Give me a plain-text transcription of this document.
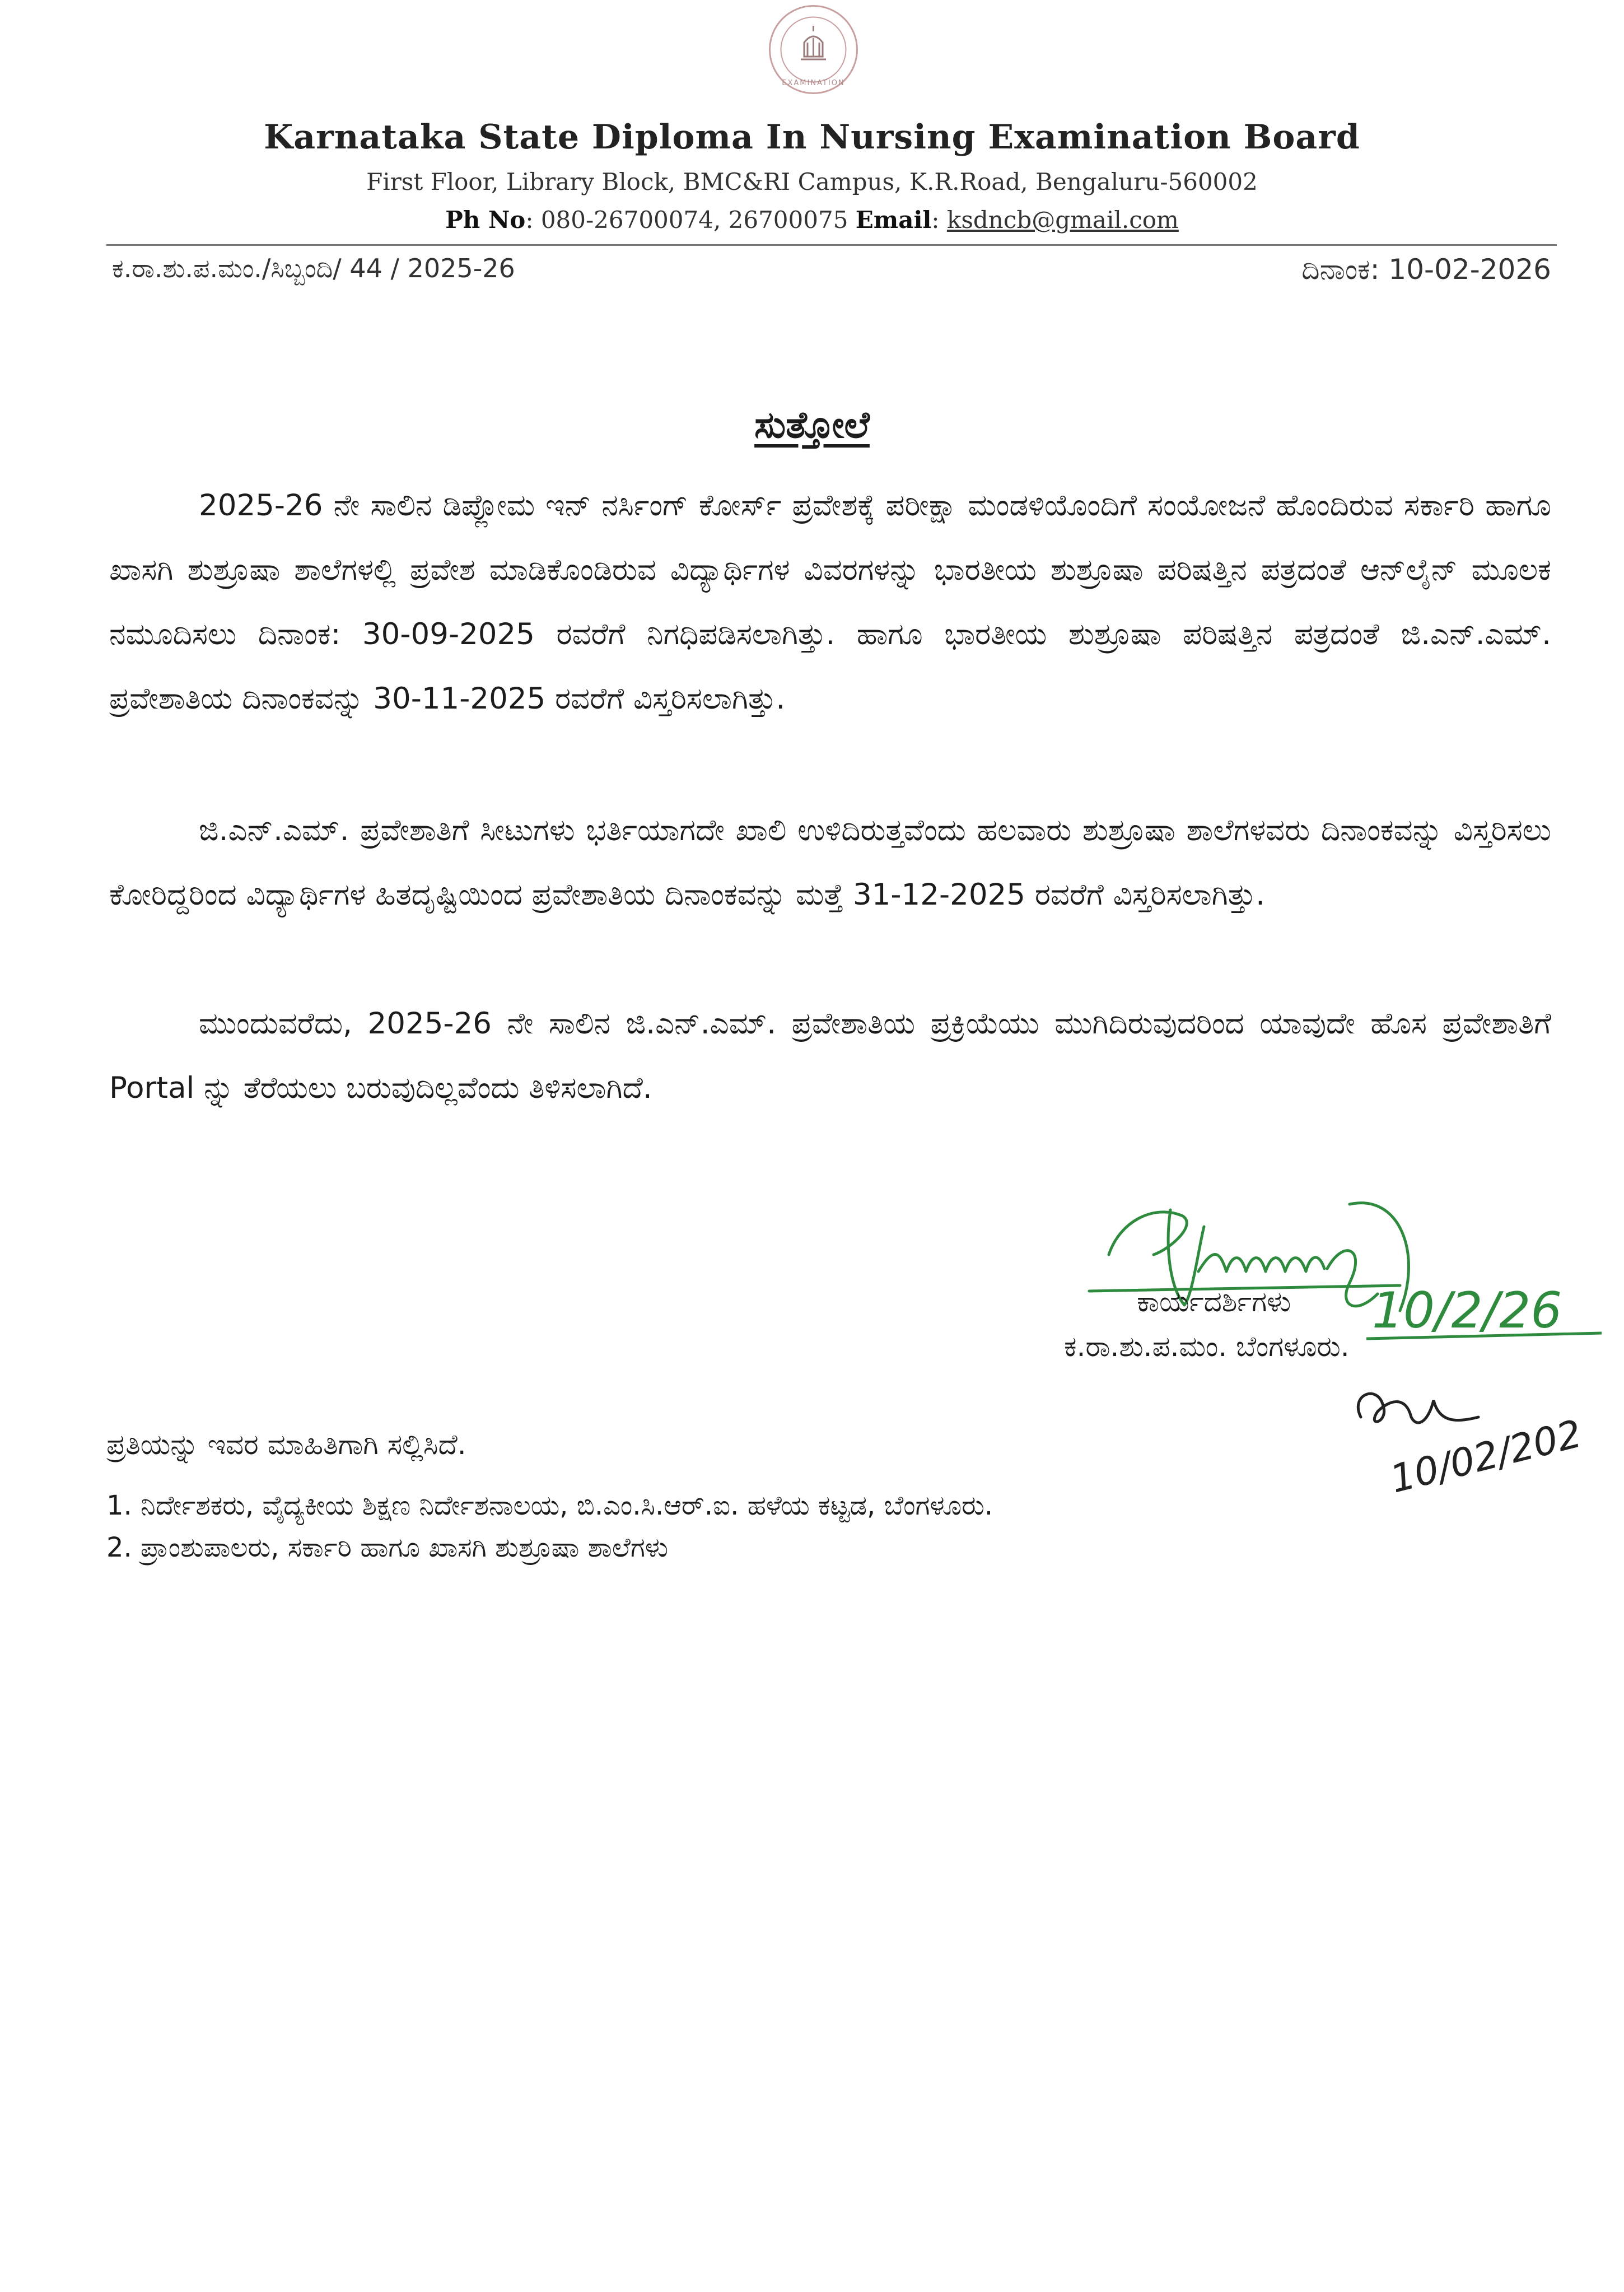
EXAMINATION
Karnataka State Diploma In Nursing Examination Board
First Floor, Library Block, BMC&RI Campus, K.R.Road, Bengaluru-560002
Ph No: 080-26700074, 26700075 Email: ksdncb@gmail.com
ಕ.ರಾ.ಶು.ಪ.ಮಂ./ಸಿಬ್ಬಂದಿ/ 44 / 2025-26	ದಿನಾಂಕ: 10-02-2026
ಸುತ್ತೋಲೆ
2025-26 ನೇ ಸಾಲಿನ ಡಿಪ್ಲೋಮ ಇನ್ ನರ್ಸಿಂಗ್ ಕೋರ್ಸ್ ಪ್ರವೇಶಕ್ಕೆ ಪರೀಕ್ಷಾ ಮಂಡಳಿಯೊಂದಿಗೆ ಸಂಯೋಜನೆ ಹೊಂದಿರುವ ಸರ್ಕಾರಿ ಹಾಗೂ ಖಾಸಗಿ ಶುಶ್ರೂಷಾ ಶಾಲೆಗಳಲ್ಲಿ ಪ್ರವೇಶ ಮಾಡಿಕೊಂಡಿರುವ ವಿದ್ಯಾರ್ಥಿಗಳ ವಿವರಗಳನ್ನು ಭಾರತೀಯ ಶುಶ್ರೂಷಾ ಪರಿಷತ್ತಿನ ಪತ್ರದಂತೆ ಆನ್‌ಲೈನ್ ಮೂಲಕ ನಮೂದಿಸಲು ದಿನಾಂಕ: 30-09-2025 ರವರೆಗೆ ನಿಗಧಿಪಡಿಸಲಾಗಿತ್ತು. ಹಾಗೂ ಭಾರತೀಯ ಶುಶ್ರೂಷಾ ಪರಿಷತ್ತಿನ ಪತ್ರದಂತೆ ಜಿ.ಎನ್.ಎಮ್. ಪ್ರವೇಶಾತಿಯ ದಿನಾಂಕವನ್ನು 30-11-2025 ರವರೆಗೆ ವಿಸ್ತರಿಸಲಾಗಿತ್ತು.
ಜಿ.ಎನ್.ಎಮ್. ಪ್ರವೇಶಾತಿಗೆ ಸೀಟುಗಳು ಭರ್ತಿಯಾಗದೇ ಖಾಲಿ ಉಳಿದಿರುತ್ತವೆಂದು ಹಲವಾರು ಶುಶ್ರೂಷಾ ಶಾಲೆಗಳವರು ದಿನಾಂಕವನ್ನು ವಿಸ್ತರಿಸಲು ಕೋರಿದ್ದರಿಂದ ವಿದ್ಯಾರ್ಥಿಗಳ ಹಿತದೃಷ್ಟಿಯಿಂದ ಪ್ರವೇಶಾತಿಯ ದಿನಾಂಕವನ್ನು ಮತ್ತೆ 31-12-2025 ರವರೆಗೆ ವಿಸ್ತರಿಸಲಾಗಿತ್ತು.
ಮುಂದುವರೆದು, 2025-26 ನೇ ಸಾಲಿನ ಜಿ.ಎನ್.ಎಮ್. ಪ್ರವೇಶಾತಿಯ ಪ್ರಕ್ರಿಯೆಯು ಮುಗಿದಿರುವುದರಿಂದ ಯಾವುದೇ ಹೊಸ ಪ್ರವೇಶಾತಿಗೆ Portal ನ್ನು ತೆರೆಯಲು ಬರುವುದಿಲ್ಲವೆಂದು ತಿಳಿಸಲಾಗಿದೆ.
10/2/26
ಕಾರ್ಯದರ್ಶಿಗಳು
ಕ.ರಾ.ಶು.ಪ.ಮಂ. ಬೆಂಗಳೂರು.
10/02/202
ಪ್ರತಿಯನ್ನು ಇವರ ಮಾಹಿತಿಗಾಗಿ ಸಲ್ಲಿಸಿದೆ.
1. ನಿರ್ದೇಶಕರು, ವೈದ್ಯಕೀಯ ಶಿಕ್ಷಣ ನಿರ್ದೇಶನಾಲಯ, ಬಿ.ಎಂ.ಸಿ.ಆರ್.ಐ. ಹಳೆಯ ಕಟ್ಟಡ, ಬೆಂಗಳೂರು.
2. ಪ್ರಾಂಶುಪಾಲರು, ಸರ್ಕಾರಿ ಹಾಗೂ ಖಾಸಗಿ ಶುಶ್ರೂಷಾ ಶಾಲೆಗಳು
